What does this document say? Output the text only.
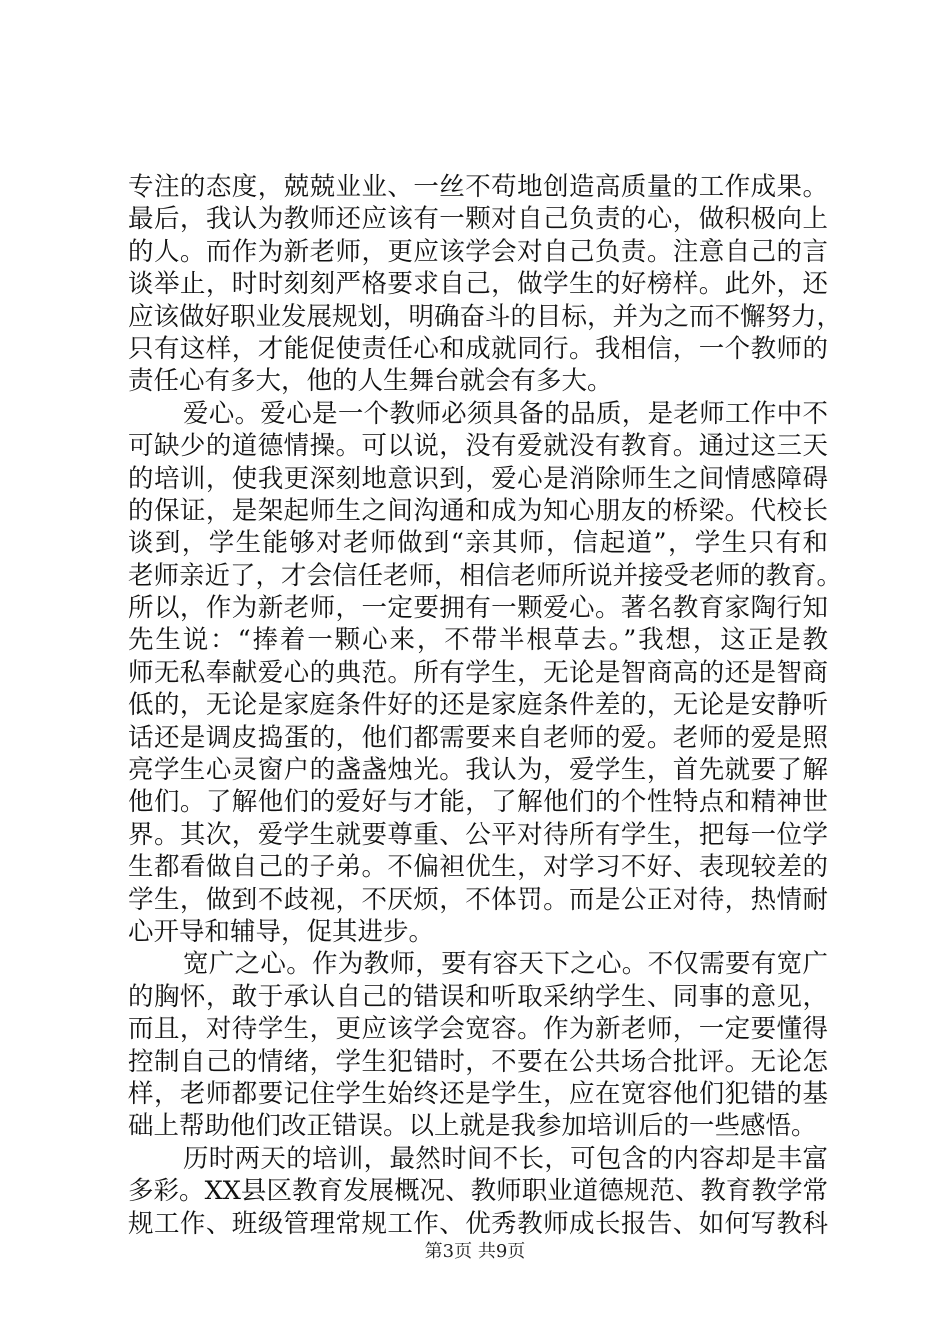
专注的态度，兢兢业业、一丝不苟地创造高质量的工作成果。
最后，我认为教师还应该有一颗对自己负责的心，做积极向上
的人。而作为新老师，更应该学会对自己负责。注意自己的言
谈举止，时时刻刻严格要求自己，做学生的好榜样。此外，还
应该做好职业发展规划，明确奋斗的目标，并为之而不懈努力，
只有这样，才能促使责任心和成就同行。我相信，一个教师的
责任心有多大，他的人生舞台就会有多大。
爱心。爱心是一个教师必须具备的品质，是老师工作中不
可缺少的道德情操。可以说，没有爱就没有教育。通过这三天
的培训，使我更深刻地意识到，爱心是消除师生之间情感障碍
的保证，是架起师生之间沟通和成为知心朋友的桥梁。代校长
谈到，学生能够对老师做到“亲其师，信起道”，学生只有和
老师亲近了，才会信任老师，相信老师所说并接受老师的教育。
所以，作为新老师，一定要拥有一颗爱心。著名教育家陶行知
先生说：“捧着一颗心来，不带半根草去。”我想，这正是教
师无私奉献爱心的典范。所有学生，无论是智商高的还是智商
低的，无论是家庭条件好的还是家庭条件差的，无论是安静听
话还是调皮捣蛋的，他们都需要来自老师的爱。老师的爱是照
亮学生心灵窗户的盏盏烛光。我认为，爱学生，首先就要了解
他们。了解他们的爱好与才能，了解他们的个性特点和精神世
界。其次，爱学生就要尊重、公平对待所有学生，把每一位学
生都看做自己的子弟。不偏袒优生，对学习不好、表现较差的
学生，做到不歧视，不厌烦，不体罚。而是公正对待，热情耐
心开导和辅导，促其进步。
宽广之心。作为教师，要有容天下之心。不仅需要有宽广
的胸怀，敢于承认自己的错误和听取采纳学生、同事的意见，
而且，对待学生，更应该学会宽容。作为新老师，一定要懂得
控制自己的情绪，学生犯错时，不要在公共场合批评。无论怎
样，老师都要记住学生始终还是学生，应在宽容他们犯错的基
础上帮助他们改正错误。以上就是我参加培训后的一些感悟。
历时两天的培训，最然时间不长，可包含的内容却是丰富
多彩。XX县区教育发展概况、教师职业道德规范、教育教学常
规工作、班级管理常规工作、优秀教师成长报告、如何写教科
第3页 共9页
